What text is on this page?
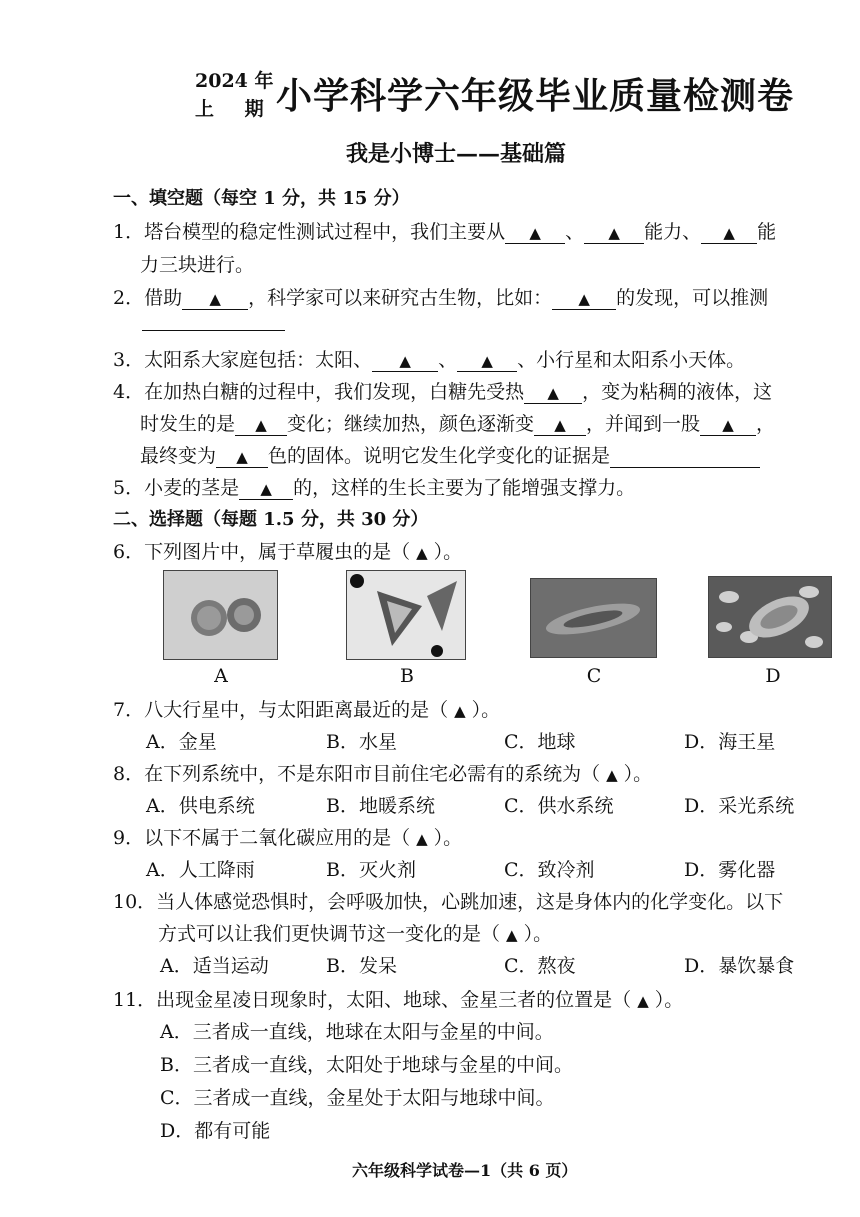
2024 年
上 期 小学科学六年级毕业质量检测卷
我是小博士——基础篇
一、填空题（每空 1 分，共 15 分）
1．塔台模型的稳定性测试过程中，我们主要从 ▲ 、 ▲ 能力、 ▲ 能
力三块进行。
2．借助 ▲ ，科学家可以来研究古生物，比如： ▲ 的发现，可以推测
3．太阳系大家庭包括：太阳、 ▲ 、 ▲ 、小行星和太阳系小天体。
4．在加热白糖的过程中，我们发现，白糖先受热 ▲ ，变为粘稠的液体，这
时发生的是 ▲ 变化；继续加热，颜色逐渐变 ▲ ，并闻到一股 ▲ ，
最终变为 ▲ 色的固体。说明它发生化学变化的证据是
5．小麦的茎是 ▲ 的，这样的生长主要为了能增强支撑力。
二、选择题（每题 1.5 分，共 30 分）
6．下列图片中，属于草履虫的是（ ▲ ）。
A	B	C	D
7．八大行星中，与太阳距离最近的是（ ▲ ）。
A．金星	B．水星	C．地球	D．海王星
8．在下列系统中，不是东阳市目前住宅必需有的系统为（ ▲ ）。
A．供电系统	B．地暖系统	C．供水系统	D．采光系统
9．以下不属于二氧化碳应用的是（ ▲ ）。
A．人工降雨	B．灭火剂	C．致冷剂	D．雾化器
10．当人体感觉恐惧时，会呼吸加快，心跳加速，这是身体内的化学变化。以下
方式可以让我们更快调节这一变化的是（ ▲ ）。
A．适当运动	B．发呆	C．熬夜	D．暴饮暴食
11．出现金星凌日现象时，太阳、地球、金星三者的位置是（ ▲ ）。
A．三者成一直线，地球在太阳与金星的中间。
B．三者成一直线，太阳处于地球与金星的中间。
C．三者成一直线，金星处于太阳与地球中间。
D．都有可能
六年级科学试卷—1（共 6 页）
